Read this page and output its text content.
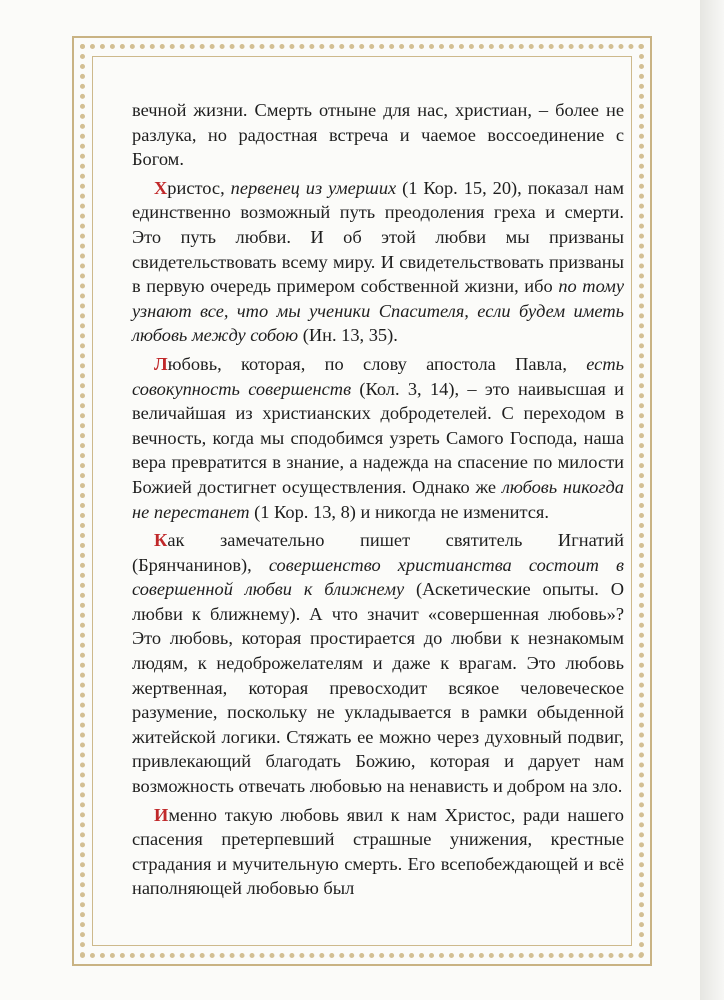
вечной жизни. Смерть отныне для нас, христиан, – более не разлука, но радостная встреча и чаемое воссоединение с Богом.

Христос, первенец из умерших (1 Кор. 15, 20), показал нам единственно возможный путь преодоления греха и смерти. Это путь любви. И об этой любви мы призваны свидетельствовать всему миру. И свидетельствовать призваны в первую очередь примером собственной жизни, ибо по тому узнают все, что мы ученики Спасителя, если будем иметь любовь между собою (Ин. 13, 35).

Любовь, которая, по слову апостола Павла, есть совокупность совершенств (Кол. 3, 14), – это наивысшая и величайшая из христианских добродетелей. С переходом в вечность, когда мы сподобимся узреть Самого Господа, наша вера превратится в знание, а надежда на спасение по милости Божией достигнет осуществления. Однако же любовь никогда не перестанет (1 Кор. 13, 8) и никогда не изменится.

Как замечательно пишет святитель Игнатий (Брянчанинов), совершенство христианства состоит в совершенной любви к ближнему (Аскетические опыты. О любви к ближнему). А что значит «совершенная любовь»? Это любовь, которая простирается до любви к незнакомым людям, к недоброжелателям и даже к врагам. Это любовь жертвенная, которая превосходит всякое человеческое разумение, поскольку не укладывается в рамки обыденной житейской логики. Стяжать ее можно через духовный подвиг, привлекающий благодать Божию, которая и дарует нам возможность отвечать любовью на ненависть и добром на зло.

Именно такую любовь явил к нам Христос, ради нашего спасения претерпевший страшные унижения, крестные страдания и мучительную смерть. Его всепобеждающей и всё наполняющей любовью был
